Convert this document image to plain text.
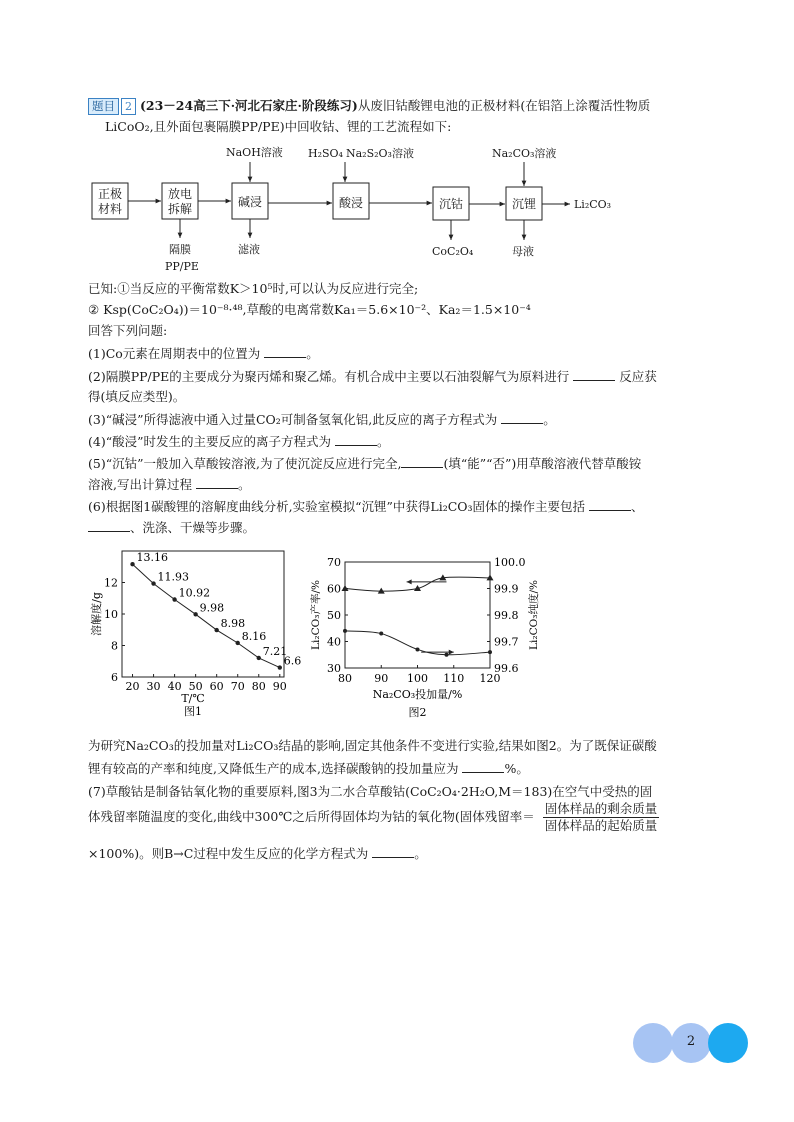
题目 2 (23－24高三下·河北石家庄·阶段练习)从废旧钴酸锂电池的正极材料(在铝箔上涂覆活性物质
LiCoO₂,且外面包裹隔膜PP/PE)中回收钴、锂的工艺流程如下:
正极
材料
放电
拆解	碱浸	酸浸	沉钴	沉锂	Li₂CO₃
NaOH溶液 H₂SO₄ Na₂S₂O₃溶液	Na₂CO₃溶液
隔膜
PP/PE
滤液	CoC₂O₄	母液
已知:①当反应的平衡常数K＞10⁵时,可以认为反应进行完全;
② Ksp(CoC₂O₄))＝10⁻⁸·⁴⁸,草酸的电离常数Ka₁＝5.6×10⁻²、Ka₂＝1.5×10⁻⁴
回答下列问题:
(1)Co元素在周期表中的位置为	。
(2)隔膜PP/PE的主要成分为聚丙烯和聚乙烯。有机合成中主要以石油裂解气为原料进行	反应获
得(填反应类型)。
(3)“碱浸”所得滤液中通入过量CO₂可制备氢氧化铝,此反应的离子方程式为	。
(4)“酸浸”时发生的主要反应的离子方程式为	。
(5)“沉钴”一般加入草酸铵溶液,为了使沉淀反应进行完全,	(填“能”“否”)用草酸溶液代替草酸铵
溶液,写出计算过程	。
(6)根据图1碳酸锂的溶解度曲线分析,实验室模拟“沉锂”中获得Li₂CO₃固体的操作主要包括	、
、洗涤、干燥等步骤。
20 30 40 50 60 70 80 90
6
8
10
12
溶解度/g
T/℃
图1
13.16
11.93
10.92
9.98
8.98
8.16
7.21
6.6
80 90 100 110 120
30
40
50
60
70
99.6
99.7
99.8
99.9
100.0
Li₂CO₃产率/%	Li₂CO₃纯度/%
Na₂CO₃投加量/%
图2
为研究Na₂CO₃的投加量对Li₂CO₃结晶的影响,固定其他条件不变进行实验,结果如图2。为了既保证碳酸
锂有较高的产率和纯度,又降低生产的成本,选择碳酸钠的投加量应为	%。
(7)草酸钴是制备钴氧化物的重要原料,图3为二水合草酸钴(CoC₂O₄·2H₂O,M＝183)在空气中受热的固
体残留率随温度的变化,曲线中300℃之后所得固体均为钴的氧化物(固体残留率＝ $\frac{\text{固体样品的剩余质量}}{\text{固体样品的起始质量}}$
×100%)。则B→C过程中发生反应的化学方程式为	。
2
